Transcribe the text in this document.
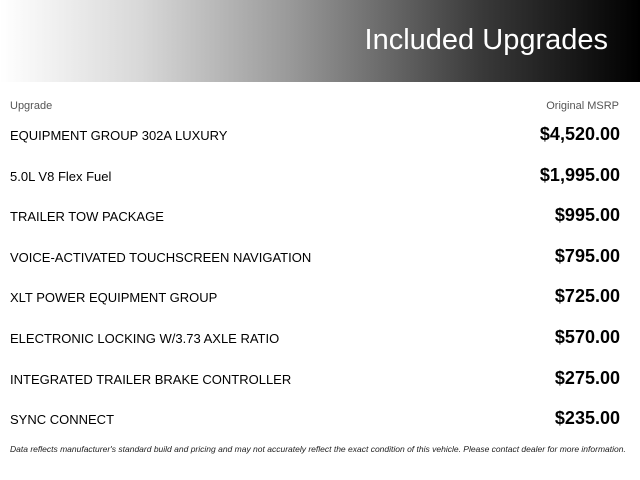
Included Upgrades
Upgrade	Original MSRP
EQUIPMENT GROUP 302A LUXURY	$4,520.00
5.0L V8 Flex Fuel	$1,995.00
TRAILER TOW PACKAGE	$995.00
VOICE-ACTIVATED TOUCHSCREEN NAVIGATION	$795.00
XLT POWER EQUIPMENT GROUP	$725.00
ELECTRONIC LOCKING W/3.73 AXLE RATIO	$570.00
INTEGRATED TRAILER BRAKE CONTROLLER	$275.00
SYNC CONNECT	$235.00
Data reflects manufacturer's standard build and pricing and may not accurately reflect the exact condition of this vehicle. Please contact dealer for more information.
